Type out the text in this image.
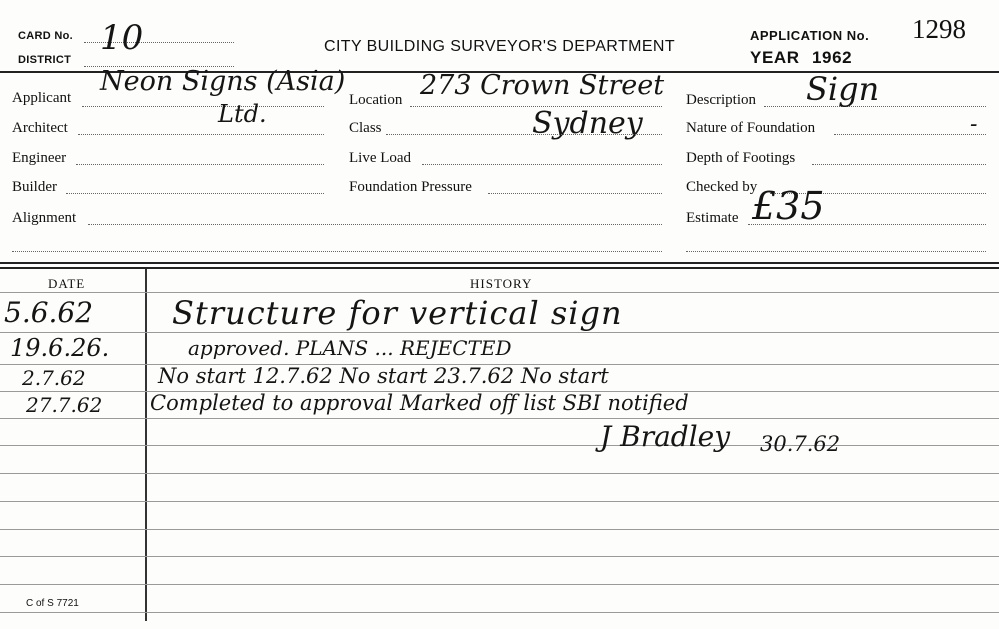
CARD No. 10
DISTRICT
CITY BUILDING SURVEYOR'S DEPARTMENT
APPLICATION No. 1298
YEAR 1962
Applicant
Neon Signs (Asia)
Ltd.
Architect
Engineer
Builder
Alignment
Location 273 Crown Street
Sydney
Class
Live Load
Foundation Pressure
Description Sign
Nature of Foundation	-
Depth of Footings
Checked by
Estimate £35
DATE	HISTORY
5.6.62 Structure for vertical sign
19.6.26.	approved. PLANS ... REJECTED
2.7.62	No start 12.7.62 No start 23.7.62 No start
27.7.62 Completed to approval Marked off list SBI notified
J Bradley 30.7.62
C of S 7721
